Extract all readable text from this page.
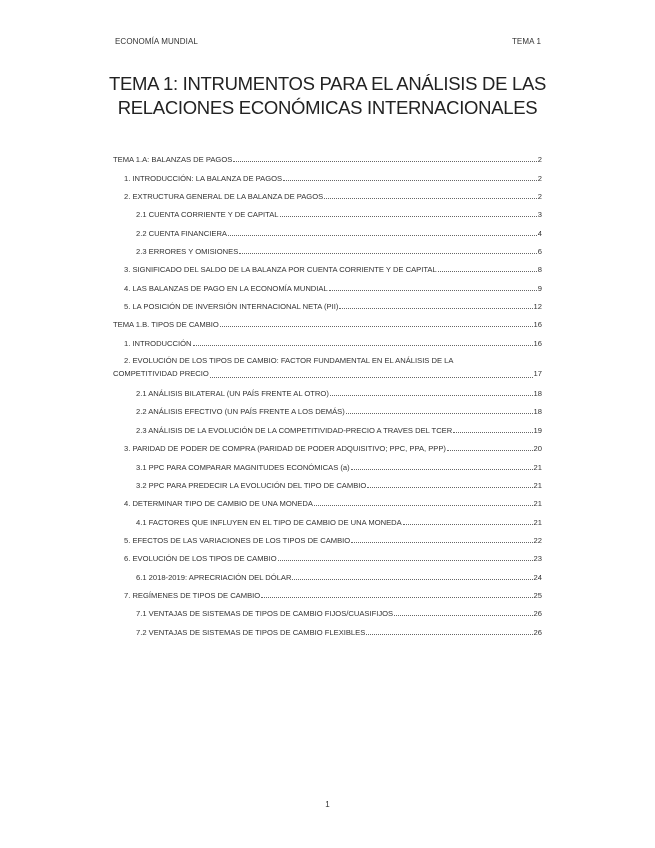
ECONOMÍA MUNDIAL	TEMA 1
TEMA 1: INTRUMENTOS PARA EL ANÁLISIS DE LAS
RELACIONES ECONÓMICAS INTERNACIONALES
TEMA 1.A: BALANZAS DE PAGOS	2
1. INTRODUCCIÓN: LA BALANZA DE PAGOS	2
2. EXTRUCTURA GENERAL DE LA BALANZA DE PAGOS	2
2.1 CUENTA CORRIENTE Y DE CAPITAL	3
2.2 CUENTA FINANCIERA	4
2.3 ERRORES Y OMISIONES	6
3. SIGNIFICADO DEL SALDO DE LA BALANZA POR CUENTA CORRIENTE Y DE CAPITAL	8
4. LAS BALANZAS DE PAGO EN LA ECONOMÍA MUNDIAL	9
5. LA POSICIÓN DE INVERSIÓN INTERNACIONAL NETA (PII)	12
TEMA 1.B. TIPOS DE CAMBIO	16
1. INTRODUCCIÓN	16
2. EVOLUCIÓN DE LOS TIPOS DE CAMBIO: FACTOR FUNDAMENTAL EN EL ANÁLISIS DE LA
COMPETITIVIDAD PRECIO	17
2.1 ANÁLISIS BILATERAL (UN PAÍS FRENTE AL OTRO)	18
2.2 ANÁLISIS EFECTIVO (UN PAÍS FRENTE A LOS DEMÁS)	18
2.3 ANÁLISIS DE LA EVOLUCIÓN DE LA COMPETITIVIDAD-PRECIO A TRAVES DEL TCER	19
3. PARIDAD DE PODER DE COMPRA (PARIDAD DE PODER ADQUISITIVO; PPC, PPA, PPP)	20
3.1 PPC PARA COMPARAR MAGNITUDES ECONÓMICAS (a)	21
3.2 PPC PARA PREDECIR LA EVOLUCIÓN DEL TIPO DE CAMBIO	21
4. DETERMINAR TIPO DE CAMBIO DE UNA MONEDA	21
4.1 FACTORES QUE INFLUYEN EN EL TIPO DE CAMBIO DE UNA MONEDA	21
5. EFECTOS DE LAS VARIACIONES DE LOS TIPOS DE CAMBIO	22
6. EVOLUCIÓN DE LOS TIPOS DE CAMBIO	23
6.1 2018-2019: APRECRIACIÓN DEL DÓLAR	24
7. REGÍMENES DE TIPOS DE CAMBIO	25
7.1 VENTAJAS DE SISTEMAS DE TIPOS DE CAMBIO FIJOS/CUASIFIJOS	26
7.2 VENTAJAS DE SISTEMAS DE TIPOS DE CAMBIO FLEXIBLES	26
1
